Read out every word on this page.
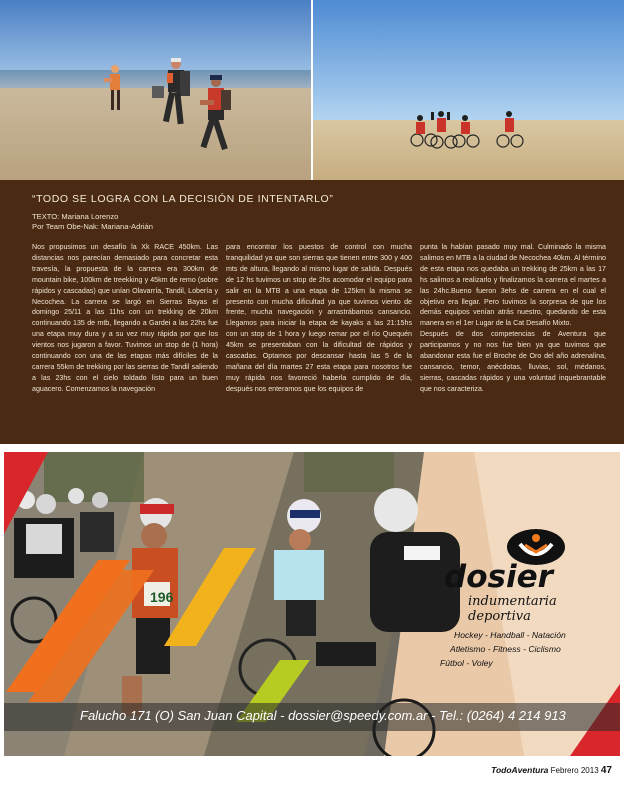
“TODO SE LOGRA CON LA DECISIÓN DE INTENTARLO”
TEXTO: Mariana Lorenzo
Por Team Obe-Nak: Mariana-Adrián

Nos propusimos un desafío la Xk RACE 450km. Las distancias nos parecían demasiado para concretar esta travesía, la propuesta de la carrera era 300km de mountain bike, 100km de treekking y 45km de remo (sobre rápidos y cascadas) que unían Olavarría, Tandil, Lobería y Necochea. La carrera se largó en Sierras Bayas el domingo 25/11 a las 11hs con un trekking de 20km continuando 135 de mtb, llegando a Gardei a las 22hs fue una etapa muy dura y a su vez muy rápida por que los vientos nos jugaron a favor. Tuvimos un stop de (1 hora) continuando con una de las etapas más difíciles de la carrera 55km de trekking por las sierras de Tandil saliendo a las 23hs con el cielo toldado listo para un buen aguacero. Comenzamos la navegación

para encontrar los puestos de control con mucha tranquilidad ya que son sierras que tienen entre 300 y 400 mts de altura, llegando al mismo lugar de salida. Después de 12 hs tuvimos un stop de 2hs acomodar el equipo para salir en la MTB a una etapa de 125km la misma se presento con mucha dificultad ya que tuvimos viento de frente, mucha navegación y arrastrábamos cansancio. Llegamos para iniciar la etapa de kayaks a las 21:15hs con un stop de 1 hora y luego remar por el río Quequén 45km se presentaban con la dificultad de rápidos y cascadas. Optamos por descansar hasta las 5 de la mañana del día martes 27 esta etapa para nosotros fue muy rápida nos favoreció haberla cumplido de día, después nos enteramos que los equipos de

punta la habían pasado muy mal. Culminado la misma salimos en MTB a la ciudad de Necochea 40km. Al término de esta etapa nos quedaba un trekking de 25km a las 17 hs salimos a realizarlo y finalizamos la carrera el martes a las 24hc.Bueno fueron 3ehs de carrera en el cual el objetivo era llegar. Pero tuvimos la sorpresa de que los demás equipos venían atrás nuestro, quedando de esta manera en el 1er Lugar de la Cat Desafío Mixto.

Después de dos competencias de Aventura que participamos y no nos fue bien ya que tuvimos que abandonar esta fue el Broche de Oro del año adrenalina, cansancio, temor, anécdotas, lluvias, sol, médanos, sierras, cascadas rápidos y una voluntad inquebrantable que nos caracteriza.

196
dosier
indumentaria deportiva
Hockey - Handball - Natación
Atletismo - Fitness - Ciclismo
Fútbol - Voley
Falucho 171 (O) San Juan Capital - dossier@speedy.com.ar - Tel.: (0264) 4 214 913
TodoAventura Febrero 2013 47
